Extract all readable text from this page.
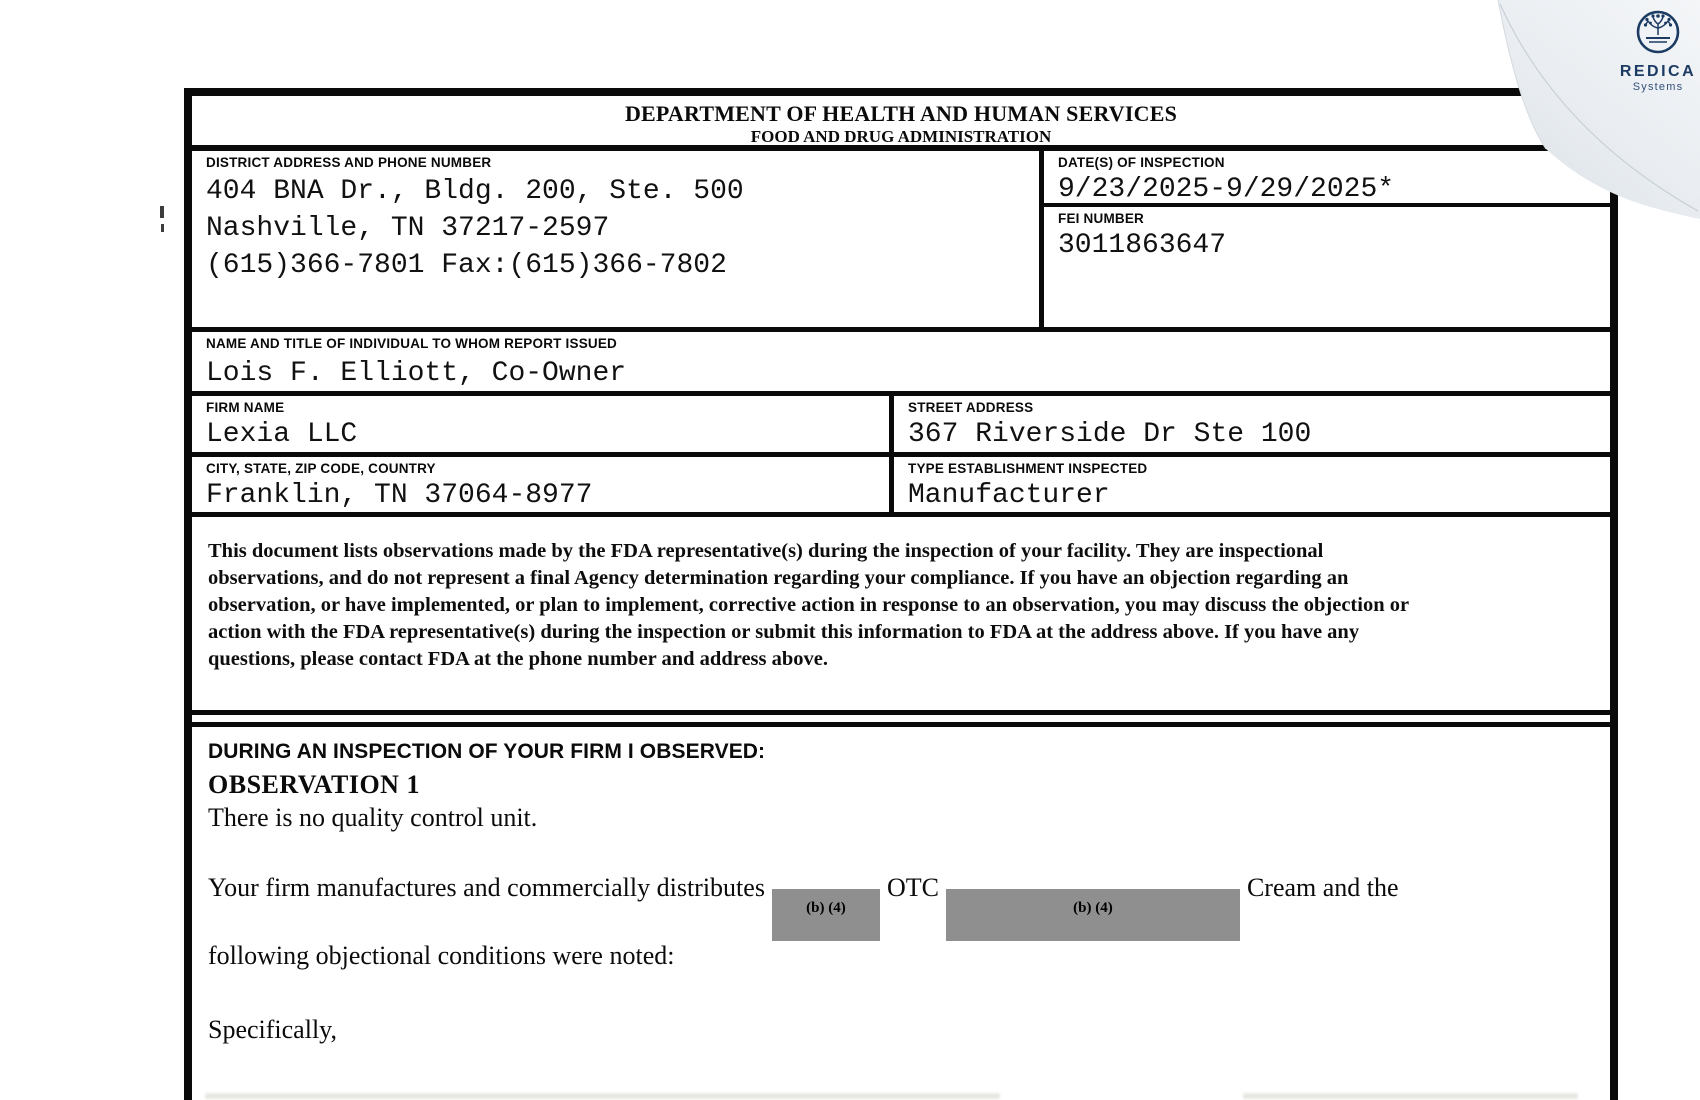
DEPARTMENT OF HEALTH AND HUMAN SERVICES
FOOD AND DRUG ADMINISTRATION
DISTRICT ADDRESS AND PHONE NUMBER
404 BNA Dr., Bldg. 200, Ste. 500
Nashville, TN 37217-2597
(615)366-7801 Fax:(615)366-7802
DATE(S) OF INSPECTION
9/23/2025-9/29/2025*
FEI NUMBER
3011863647
NAME AND TITLE OF INDIVIDUAL TO WHOM REPORT ISSUED
Lois F. Elliott, Co-Owner
FIRM NAME
Lexia LLC
STREET ADDRESS
367 Riverside Dr Ste 100
CITY, STATE, ZIP CODE, COUNTRY
Franklin, TN 37064-8977
TYPE ESTABLISHMENT INSPECTED
Manufacturer
This document lists observations made by the FDA representative(s) during the inspection of your facility. They are inspectional
observations, and do not represent a final Agency determination regarding your compliance. If you have an objection regarding an
observation, or have implemented, or plan to implement, corrective action in response to an observation, you may discuss the objection or
action with the FDA representative(s) during the inspection or submit this information to FDA at the address above. If you have any
questions, please contact FDA at the phone number and address above.
DURING AN INSPECTION OF YOUR FIRM I OBSERVED:
OBSERVATION 1
There is no quality control unit.
Your firm manufactures and commercially distributes(b) (4)OTC(b) (4)Cream and the
following objectional conditions were noted:
Specifically,
REDICA
Systems
